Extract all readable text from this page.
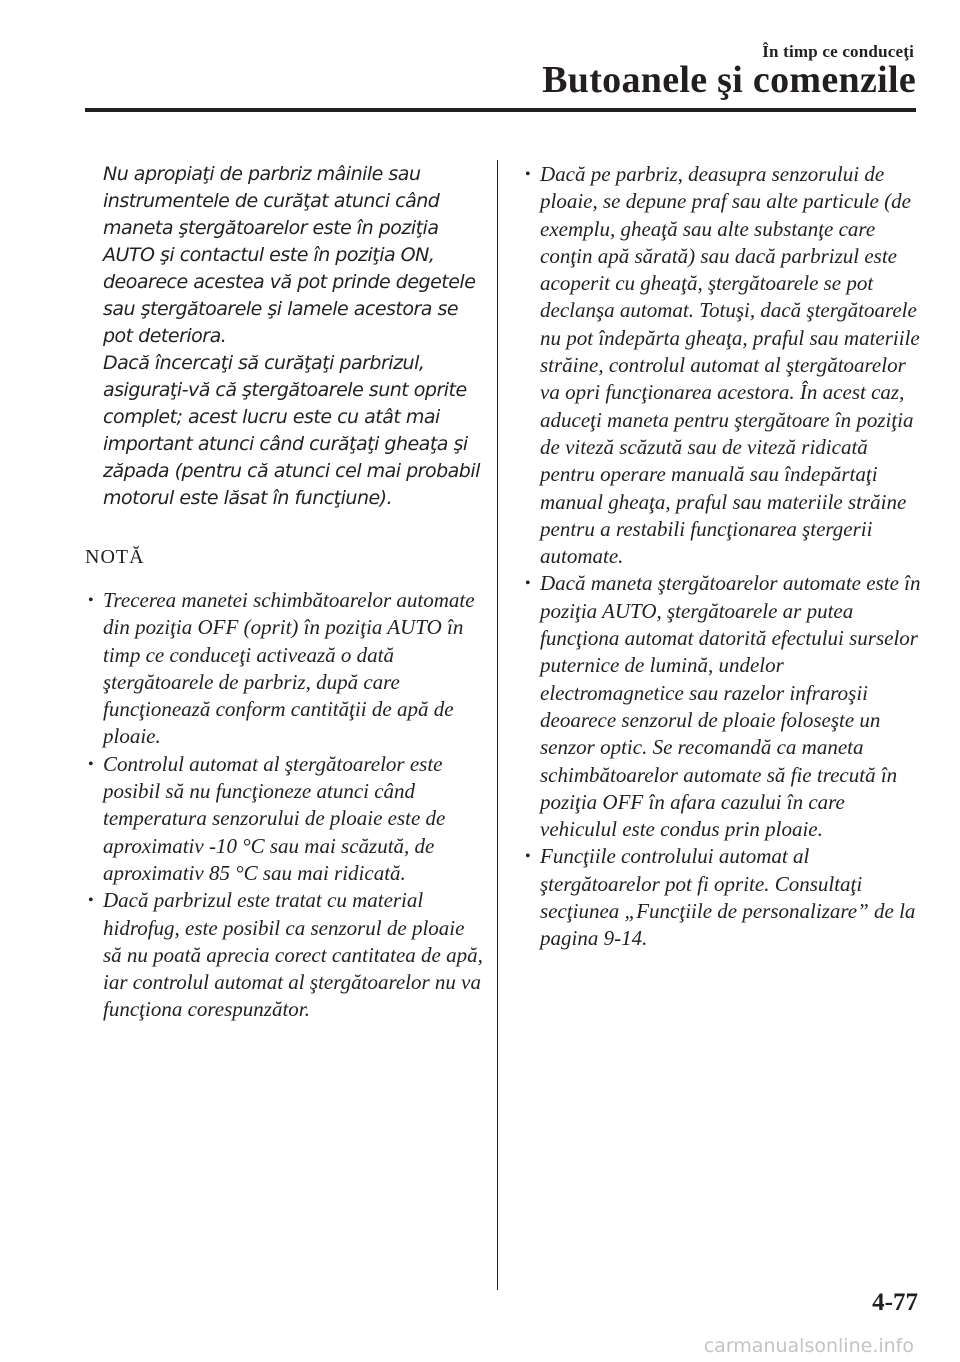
În timp ce conduceţi
Butoanele şi comenzile

Nu apropiaţi de parbriz mâinile sau instrumentele de curăţat atunci când maneta ştergătoarelor este în poziţia AUTO şi contactul este în poziţia ON, deoarece acestea vă pot prinde degetele sau ştergătoarele şi lamele acestora se pot deteriora.

Dacă încercaţi să curăţaţi parbrizul, asiguraţi-vă că ştergătoarele sunt oprite complet; acest lucru este cu atât mai important atunci când curăţaţi gheaţa şi zăpada (pentru că atunci cel mai probabil motorul este lăsat în funcţiune).

NOTĂ
• Trecerea manetei schimbătoarelor automate din poziţia OFF (oprit) în poziţia AUTO în timp ce conduceţi activează o dată ştergătoarele de parbriz, după care funcţionează conform cantităţii de apă de ploaie.
• Controlul automat al ştergătoarelor este posibil să nu funcţioneze atunci când temperatura senzorului de ploaie este de aproximativ -10 °C sau mai scăzută, de aproximativ 85 °C sau mai ridicată.
• Dacă parbrizul este tratat cu material hidrofug, este posibil ca senzorul de ploaie să nu poată aprecia corect cantitatea de apă, iar controlul automat al ştergătoarelor nu va funcţiona corespunzător.
• Dacă pe parbriz, deasupra senzorului de ploaie, se depune praf sau alte particule (de exemplu, gheaţă sau alte substanţe care conţin apă sărată) sau dacă parbrizul este acoperit cu gheaţă, ştergătoarele se pot declanşa automat. Totuşi, dacă ştergătoarele nu pot îndepărta gheaţa, praful sau materiile străine, controlul automat al ştergătoarelor va opri funcţionarea acestora. În acest caz, aduceţi maneta pentru ştergătoare în poziţia de viteză scăzută sau de viteză ridicată pentru operare manuală sau îndepărtaţi manual gheaţa, praful sau materiile străine pentru a restabili funcţionarea ştergerii automate.
• Dacă maneta ştergătoarelor automate este în poziţia AUTO, ştergătoarele ar putea funcţiona automat datorită efectului surselor puternice de lumină, undelor electromagnetice sau razelor infraroşii deoarece senzorul de ploaie foloseşte un senzor optic. Se recomandă ca maneta schimbătoarelor automate să fie trecută în poziţia OFF în afara cazului în care vehiculul este condus prin ploaie.
• Funcţiile controlului automat al ştergătoarelor pot fi oprite. Consultaţi secţiunea „Funcţiile de personalizare” de la pagina 9-14.
4-77
carmanualsonline.info
